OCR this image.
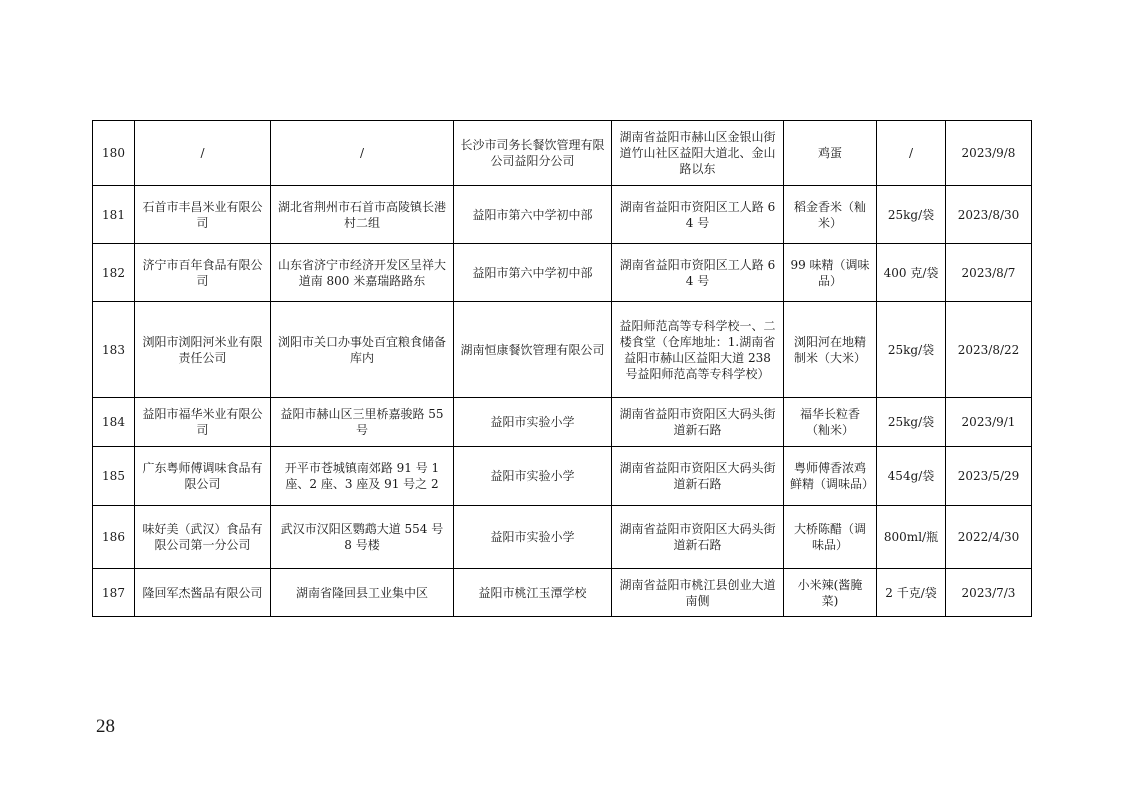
180	/	/	长沙市司务长餐饮管理有限公司益阳分公司	湖南省益阳市赫山区金银山街道竹山社区益阳大道北、金山路以东	鸡蛋	/	2023/9/8
181	石首市丰昌米业有限公司	湖北省荆州市石首市高陵镇长港村二组	益阳市第六中学初中部	湖南省益阳市资阳区工人路 64 号	稻金香米（籼米）	25kg/袋	2023/8/30
182	济宁市百年食品有限公司	山东省济宁市经济开发区呈祥大道南 800 米嘉瑞路路东	益阳市第六中学初中部	湖南省益阳市资阳区工人路 64 号	99 味精（调味品）	400 克/袋	2023/8/7
183	浏阳市浏阳河米业有限责任公司	浏阳市关口办事处百宜粮食储备库内	湖南恒康餐饮管理有限公司	益阳师范高等专科学校一、二楼食堂（仓库地址：1.湖南省益阳市赫山区益阳大道 238 号益阳师范高等专科学校）	浏阳河在地精制米（大米）	25kg/袋	2023/8/22
184	益阳市福华米业有限公司	益阳市赫山区三里桥嘉骏路 55 号	益阳市实验小学	湖南省益阳市资阳区大码头街道新石路	福华长粒香（籼米）	25kg/袋	2023/9/1
185	广东粤师傅调味食品有限公司	开平市苍城镇南郊路 91 号 1 座、2 座、3 座及 91 号之 2	益阳市实验小学	湖南省益阳市资阳区大码头街道新石路	粤师傅香浓鸡鲜精（调味品）	454g/袋	2023/5/29
186	味好美（武汉）食品有限公司第一分公司	武汉市汉阳区鹦鹉大道 554 号 8 号楼	益阳市实验小学	湖南省益阳市资阳区大码头街道新石路	大桥陈醋（调味品）	800ml/瓶	2022/4/30
187	隆回军杰酱品有限公司	湖南省隆回县工业集中区	益阳市桃江玉潭学校	湖南省益阳市桃江县创业大道南侧	小米辣(酱腌菜)	2 千克/袋	2023/7/3
28
